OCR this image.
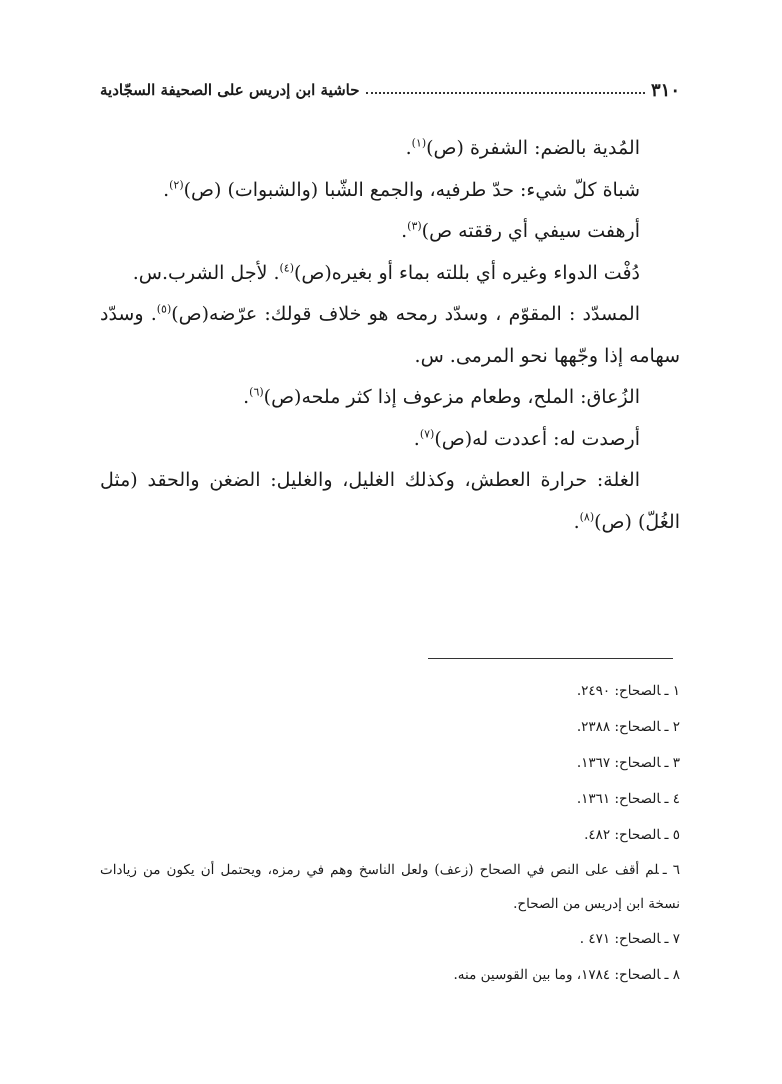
٣١٠
حاشية ابن إدريس على الصحيفة السجّادية

المُدية بالضم: الشفرة (ص)$^{(١)}$.

شباة كلّ شيء: حدّ طرفيه، والجمع الشّبا (والشبوات) (ص)$^{(٢)}$.

أرهفت سيفي أي رققته ص)$^{(٣)}$.

دُفْت الدواء وغيره أي بللته بماء أو بغيره(ص)$^{(٤)}$. لأجل الشرب.س.

المسدّد : المقوّم ، وسدّد رمحه هو خلاف قولك: عرّضه(ص)$^{(٥)}$. وسدّد سهامه إذا وجّهها نحو المرمى. س.

الزُعاق: الملح، وطعام مزعوف إذا كثر ملحه(ص)$^{(٦)}$.

أرصدت له: أعددت له(ص)$^{(٧)}$.

الغلة: حرارة العطش، وكذلك الغليل، والغليل: الضغن والحقد (مثل الغُلّ) (ص)$^{(٨)}$.

١ ـالصحاح: ٢٤٩٠.

٢ ـالصحاح: ٢٣٨٨.

٣ ـالصحاح: ١٣٦٧.

٤ ـالصحاح: ١٣٦١.

٥ ـالصحاح: ٤٨٢.

٦ ـلم أقف على النص في الصحاح (زعف) ولعل الناسخ وهم في رمزه، ويحتمل أن يكون من زيادات نسخة ابن إدريس من الصحاح.

٧ ـالصحاح: ٤٧١ .

٨ ـالصحاح: ١٧٨٤، وما بين القوسين منه.
